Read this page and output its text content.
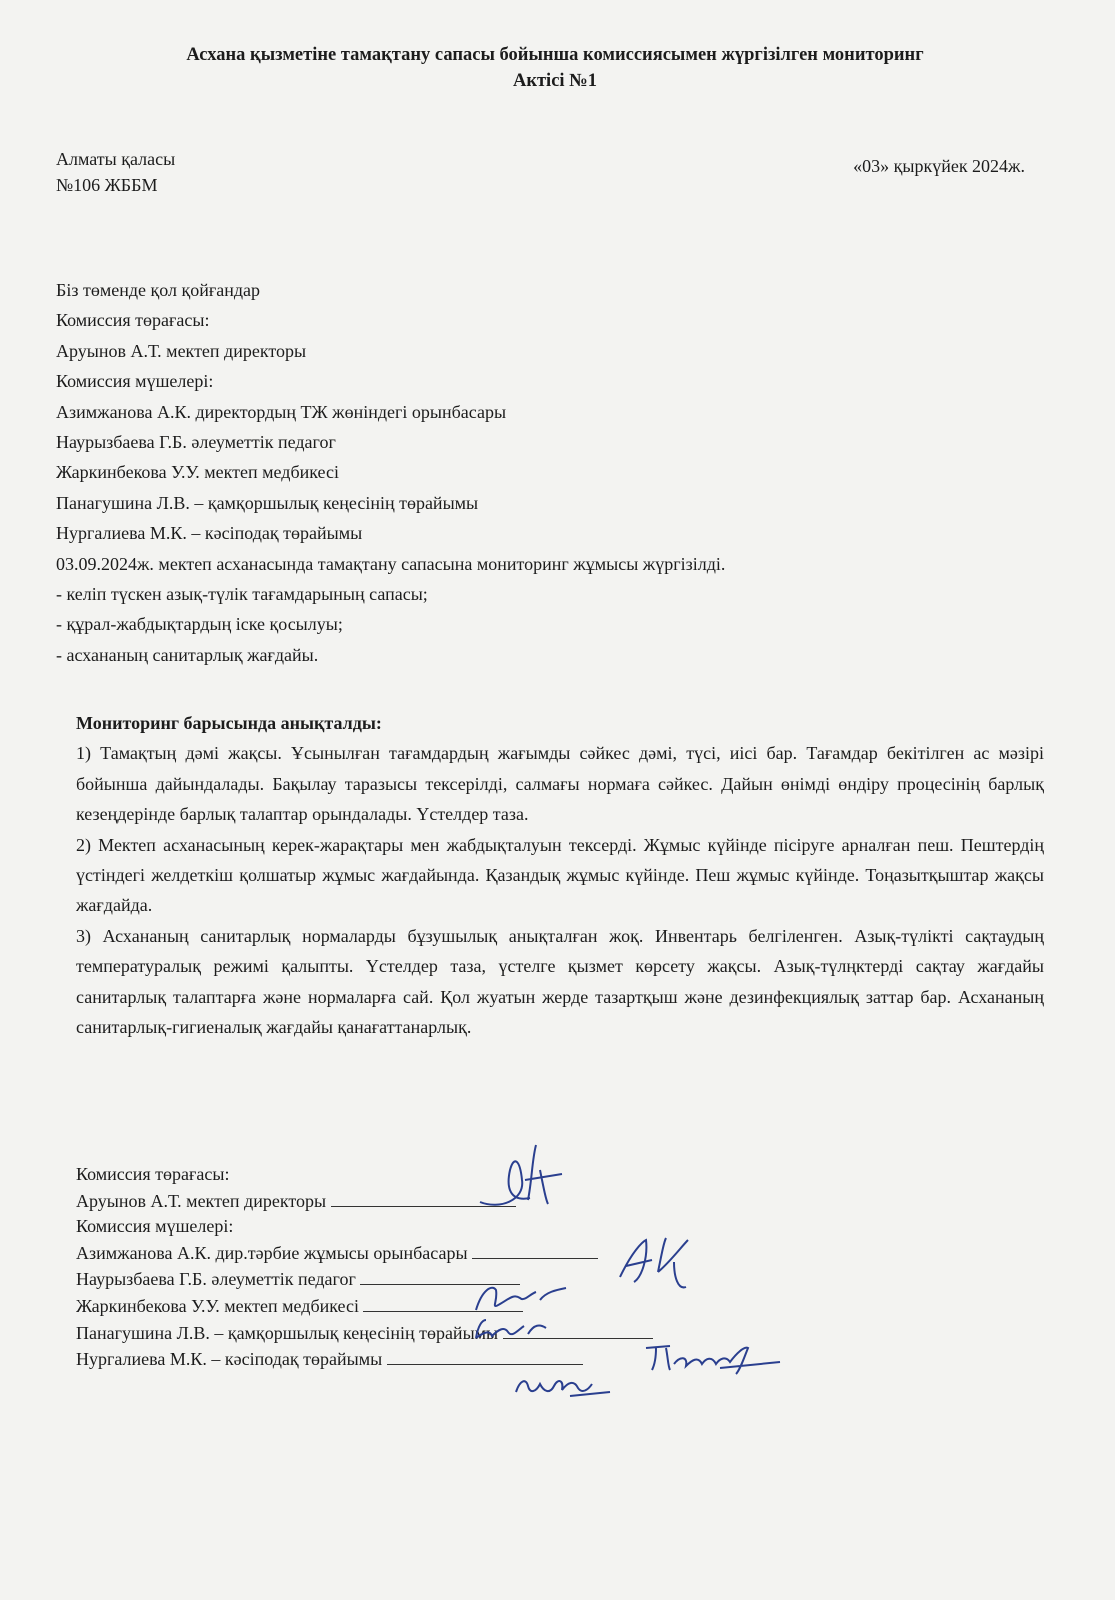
Асхана қызметіне тамақтану сапасы бойынша комиссиясымен жүргізілген мониторинг
Актісі №1
Алматы қаласы
№106 ЖББМ
«03» қыркүйек 2024ж.
Біз төменде қол қойғандар
Комиссия төрағасы:
Аруынов А.Т. мектеп директоры
Комиссия мүшелері:
Азимжанова А.К. директордың ТЖ жөніндегі орынбасары
Наурызбаева Г.Б. әлеуметтік педагог
Жаркинбекова У.У. мектеп медбикесі
Панагушина Л.В. – қамқоршылық кеңесінің төрайымы
Нургалиева М.К. – кәсіподақ төрайымы
03.09.2024ж. мектеп асханасында тамақтану сапасына мониторинг жұмысы жүргізілді.
- келіп түскен азық-түлік тағамдарының сапасы;
- құрал-жабдықтардың іске қосылуы;
- асхананың санитарлық жағдайы.
Мониторинг барысында анықталды:

1) Тамақтың дәмі жақсы. Ұсынылған тағамдардың жағымды сәйкес дәмі, түсі, иісі бар. Тағамдар бекітілген ас мәзірі бойынша дайындалады. Бақылау таразысы тексерілді, салмағы нормаға сәйкес. Дайын өнімді өндіру процесінің барлық кезеңдерінде барлық талаптар орындалады. Үстелдер таза.

2) Мектеп асханасының керек-жарақтары мен жабдықталуын тексерді. Жұмыс күйінде пісіруге арналған пеш. Пештердің үстіндегі желдеткіш қолшатыр жұмыс жағдайында. Қазандық жұмыс күйінде. Пеш жұмыс күйінде. Тоңазытқыштар жақсы жағдайда.

3) Асхананың санитарлық нормаларды бұзушылық анықталған жоқ. Инвентарь белгіленген. Азық-түлікті сақтаудың температуралық режимі қалыпты. Үстелдер таза, үстелге қызмет көрсету жақсы. Азық-түлңктерді сақтау жағдайы санитарлық талаптарға және нормаларға сай. Қол жуатын жерде тазартқыш және дезинфекциялық заттар бар. Асхананың санитарлық-гигиеналық жағдайы қанағаттанарлық.

Комиссия төрағасы:
Аруынов А.Т. мектеп директоры
Комиссия мүшелері:
Азимжанова А.К. дир.тәрбие жұмысы орынбасары
Наурызбаева Г.Б. әлеуметтік педагог
Жаркинбекова У.У. мектеп медбикесі
Панагушина Л.В. – қамқоршылық кеңесінің төрайымы
Нургалиева М.К. – кәсіподақ төрайымы
